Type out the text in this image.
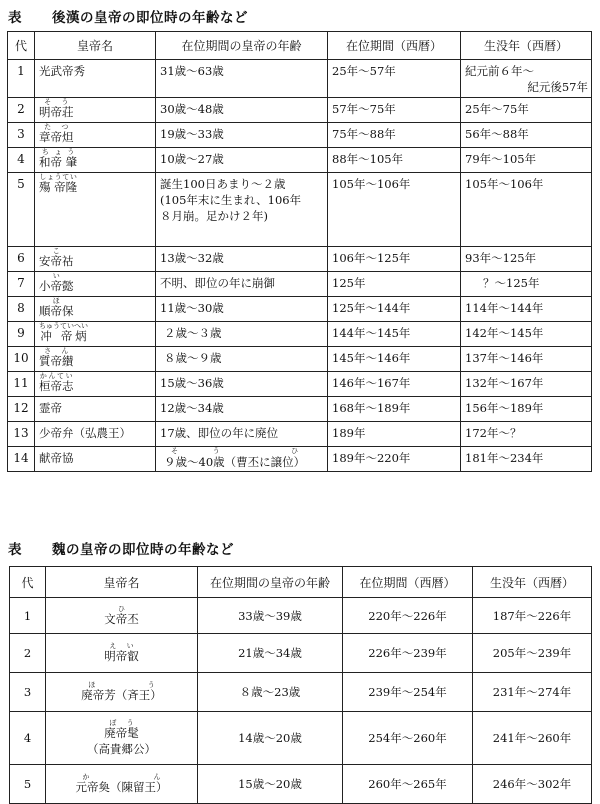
表 後漢の皇帝の即位時の年齢など
代	皇帝名	在位期間の皇帝の年齢	在位期間（西暦）	生没年（西暦）
1	光武帝秀	31歳〜63歳	25年〜57年	紀元前６年〜
紀元後57年

2	明帝荘そう	30歳〜48歳	57年〜75年	25年〜75年
3	章帝炟たつ	19歳〜33歳	75年〜88年	56年〜88年
4	和帝 肇ちょう	10歳〜27歳	88年〜105年	79年〜105年
5	殤 帝隆しょうてい	誕生100日あまり〜２歳
(105年末に生まれ、106年
８月崩。足かけ２年)	105年〜106年	105年〜106年
6	安帝祜こ	13歳〜32歳	106年〜125年	93年〜125年
7	小帝懿い	不明、即位の年に崩御	125年	？〜125年
8	順帝保ほ	11歳〜30歳	125年〜144年	114年〜144年
9	冲 帝炳ちゅうていへい	２歳〜３歳	144年〜145年	142年〜145年
10	質帝纉さん	８歳〜９歳	145年〜146年	137年〜146年
11	桓帝志かんてい	15歳〜36歳	146年〜167年	132年〜167年
12	霊帝	12歳〜34歳	168年〜189年	156年〜189年
13	少帝弁（弘農王）	17歳、即位の年に廃位	189年	172年〜？
14	献帝協	９歳〜40歳（曹丕に譲位）そう ひ	189年〜220年	181年〜234年
表 魏の皇帝の即位時の年齢など
代	皇帝名	在位期間の皇帝の年齢	在位期間（西暦）	生没年（西暦）
1	文帝丕ひ	33歳〜39歳	220年〜226年	187年〜226年
2	明帝叡えい	21歳〜34歳	226年〜239年	205年〜239年
3	廃帝芳（斉王）ほう	８歳〜23歳	239年〜254年	231年〜274年
4	廃帝髦ぼう
（高貴郷公）	14歳〜20歳	254年〜260年	241年〜260年
5	元帝奐（陳留王）かん	15歳〜20歳	260年〜265年	246年〜302年
